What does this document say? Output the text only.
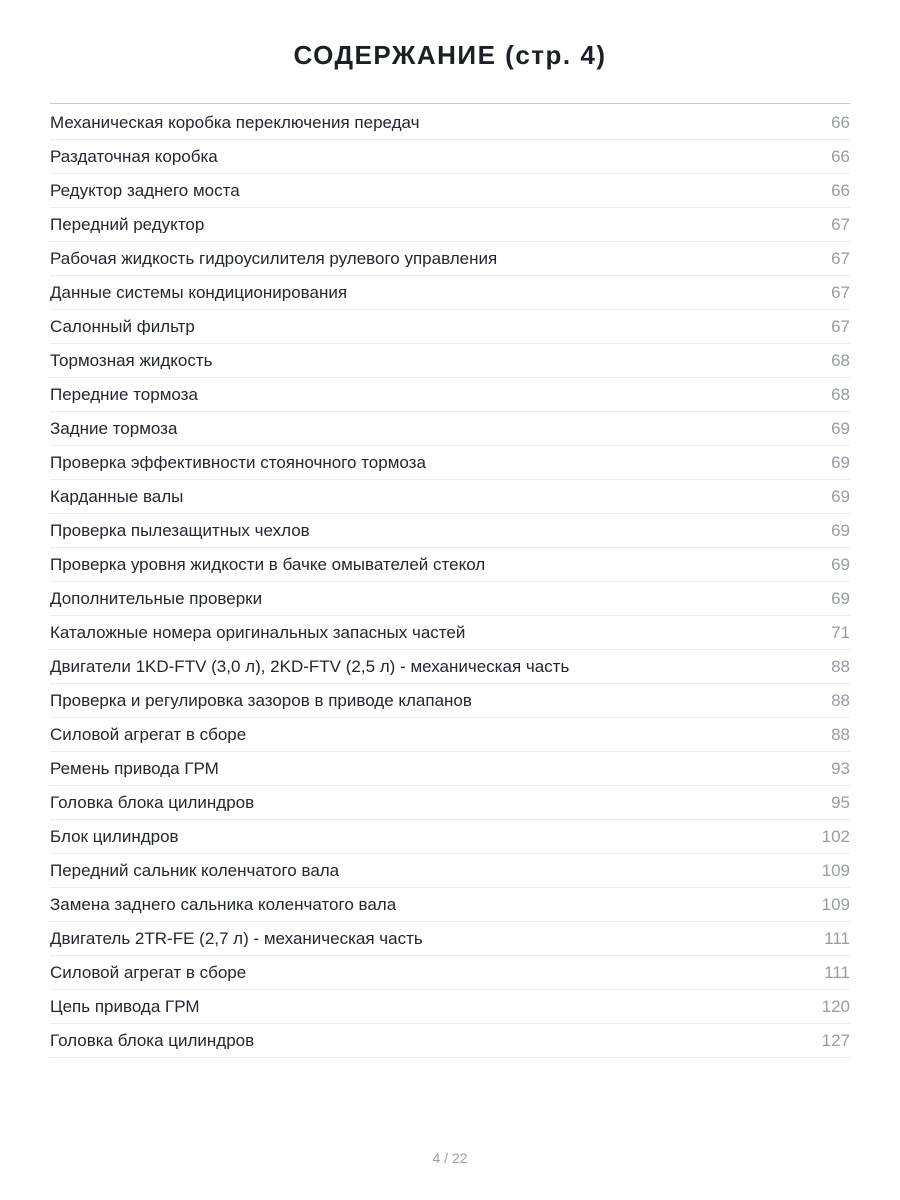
СОДЕРЖАНИЕ (стр. 4)
Механическая коробка переключения передач	66
Раздаточная коробка	66
Редуктор заднего моста	66
Передний редуктор	67
Рабочая жидкость гидроусилителя рулевого управления	67
Данные системы кондиционирования	67
Салонный фильтр	67
Тормозная жидкость	68
Передние тормоза	68
Задние тормоза	69
Проверка эффективности стояночного тормоза	69
Карданные валы	69
Проверка пылезащитных чехлов	69
Проверка уровня жидкости в бачке омывателей стекол	69
Дополнительные проверки	69
Каталожные номера оригинальных запасных частей	71
Двигатели 1KD-FTV (3,0 л), 2KD-FTV (2,5 л) - механическая часть	88
Проверка и регулировка зазоров в приводе клапанов	88
Силовой агрегат в сборе	88
Ремень привода ГРМ	93
Головка блока цилиндров	95
Блок цилиндров	102
Передний сальник коленчатого вала	109
Замена заднего сальника коленчатого вала	109
Двигатель 2TR-FE (2,7 л) - механическая часть	111
Силовой агрегат в сборе	111
Цепь привода ГРМ	120
Головка блока цилиндров	127
4 / 22
